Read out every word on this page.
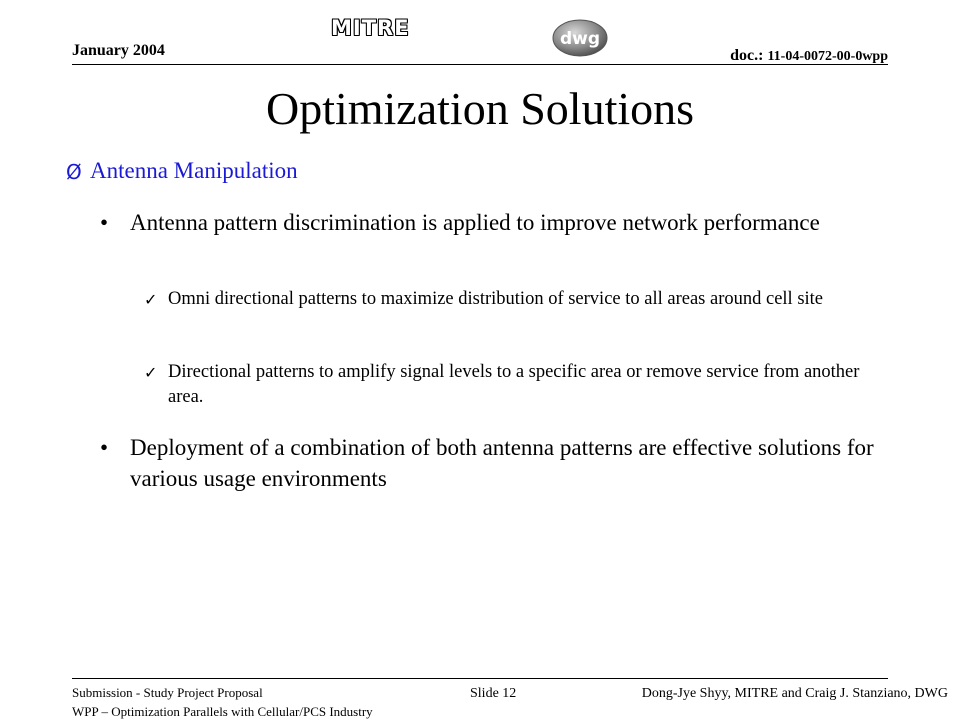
January 2004
MITRE	dwg
doc.: 11-04-0072-00-0wpp
Optimization Solutions
Ø Antenna Manipulation
• Antenna pattern discrimination is applied to improve network performance
✓ Omni directional patterns to maximize distribution of service to all areas around cell site
✓ Directional patterns to amplify signal levels to a specific area or remove service from another area.
• Deployment of a combination of both antenna patterns are effective solutions for various usage environments
Submission - Study Project Proposal
WPP – Optimization Parallels with Cellular/PCS Industry
Slide 12	Dong-Jye Shyy, MITRE and Craig J. Stanziano, DWG
